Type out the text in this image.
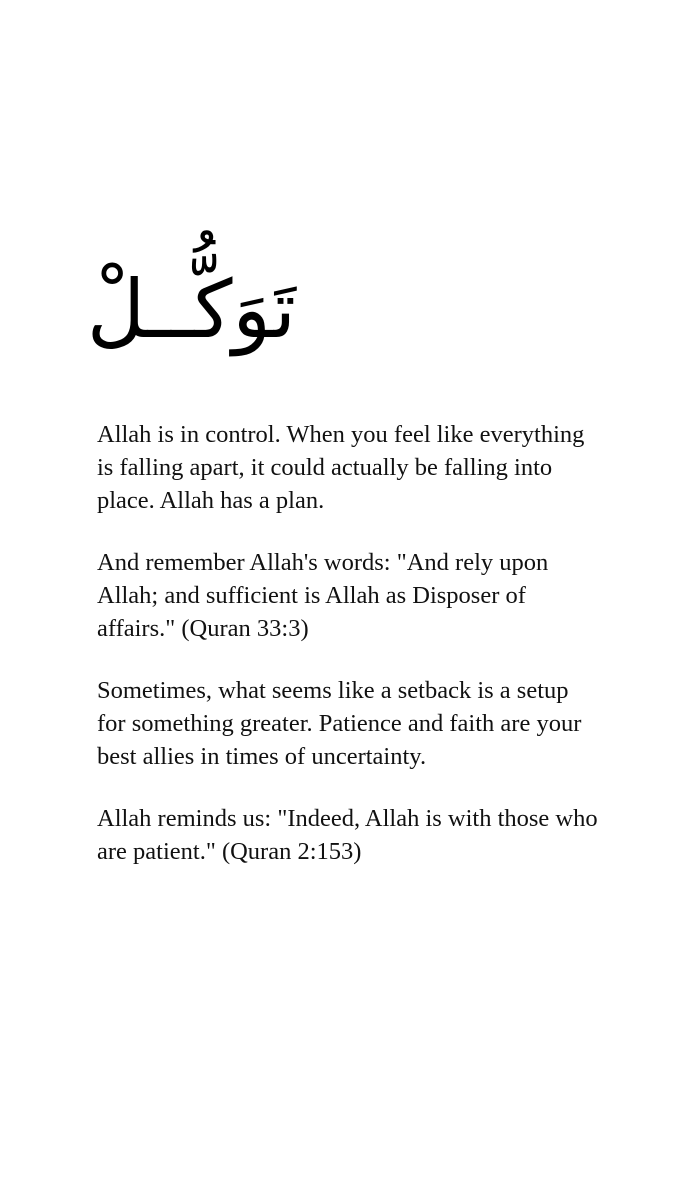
تَوَكُّــلْ

Allah is in control. When you feel like everything is falling apart, it could actually be falling into place. Allah has a plan.

And remember Allah's words: "And rely upon Allah; and sufficient is Allah as Disposer of affairs." (Quran 33:3)

Sometimes, what seems like a setback is a setup for something greater. Patience and faith are your best allies in times of uncertainty.

Allah reminds us: "Indeed, Allah is with those who are patient." (Quran 2:153)
